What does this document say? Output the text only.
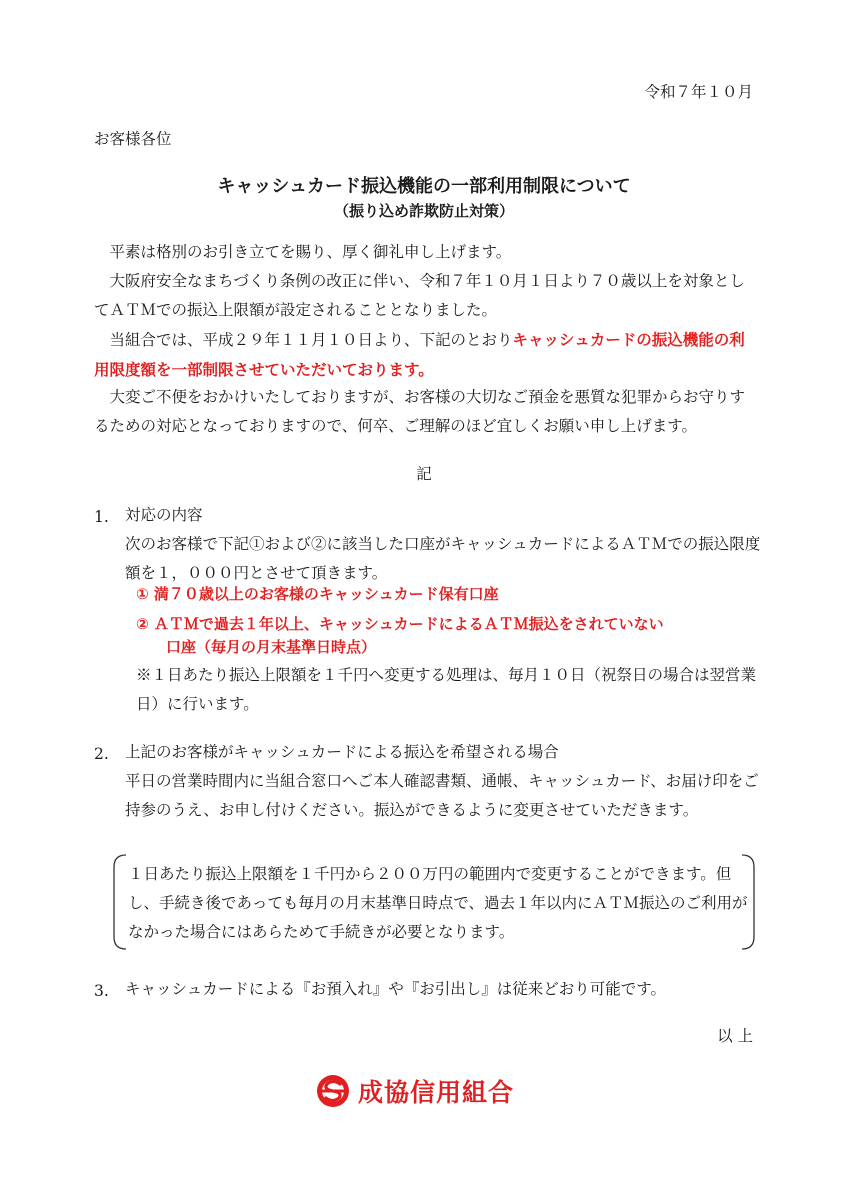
令和７年１０月
お客様各位
キャッシュカード振込機能の一部利用制限について
（振り込め詐欺防止対策）
平素は格別のお引き立てを賜り、厚く御礼申し上げます。
大阪府安全なまちづくり条例の改正に伴い、令和７年１０月１日より７０歳以上を対象としてＡＴＭでの振込上限額が設定されることとなりました。
当組合では、平成２９年１１月１０日より、下記のとおりキャッシュカードの振込機能の利用限度額を一部制限させていただいております。
大変ご不便をおかけいたしておりますが、お客様の大切なご預金を悪質な犯罪からお守りするための対応となっておりますので、何卒、ご理解のほど宜しくお願い申し上げます。
記
1. 対応の内容
次のお客様で下記①および②に該当した口座がキャッシュカードによるＡＴＭでの振込限度額を１，０００円とさせて頂きます。
① 満７０歳以上のお客様のキャッシュカード保有口座
② ＡＴＭで過去１年以上、キャッシュカードによるＡＴＭ振込をされていない
口座（毎月の月末基準日時点）
※１日あたり振込上限額を１千円へ変更する処理は、毎月１０日（祝祭日の場合は翌営業日）に行います。
2. 上記のお客様がキャッシュカードによる振込を希望される場合
平日の営業時間内に当組合窓口へご本人確認書類、通帳、キャッシュカード、お届け印をご持参のうえ、お申し付けください。振込ができるように変更させていただきます。
１日あたり振込上限額を１千円から２００万円の範囲内で変更することができます。但し、手続き後であっても毎月の月末基準日時点で、過去１年以内にＡＴＭ振込のご利用がなかった場合にはあらためて手続きが必要となります。
3. キャッシュカードによる『お預入れ』や『お引出し』は従来どおり可能です。
以 上
成協信用組合
